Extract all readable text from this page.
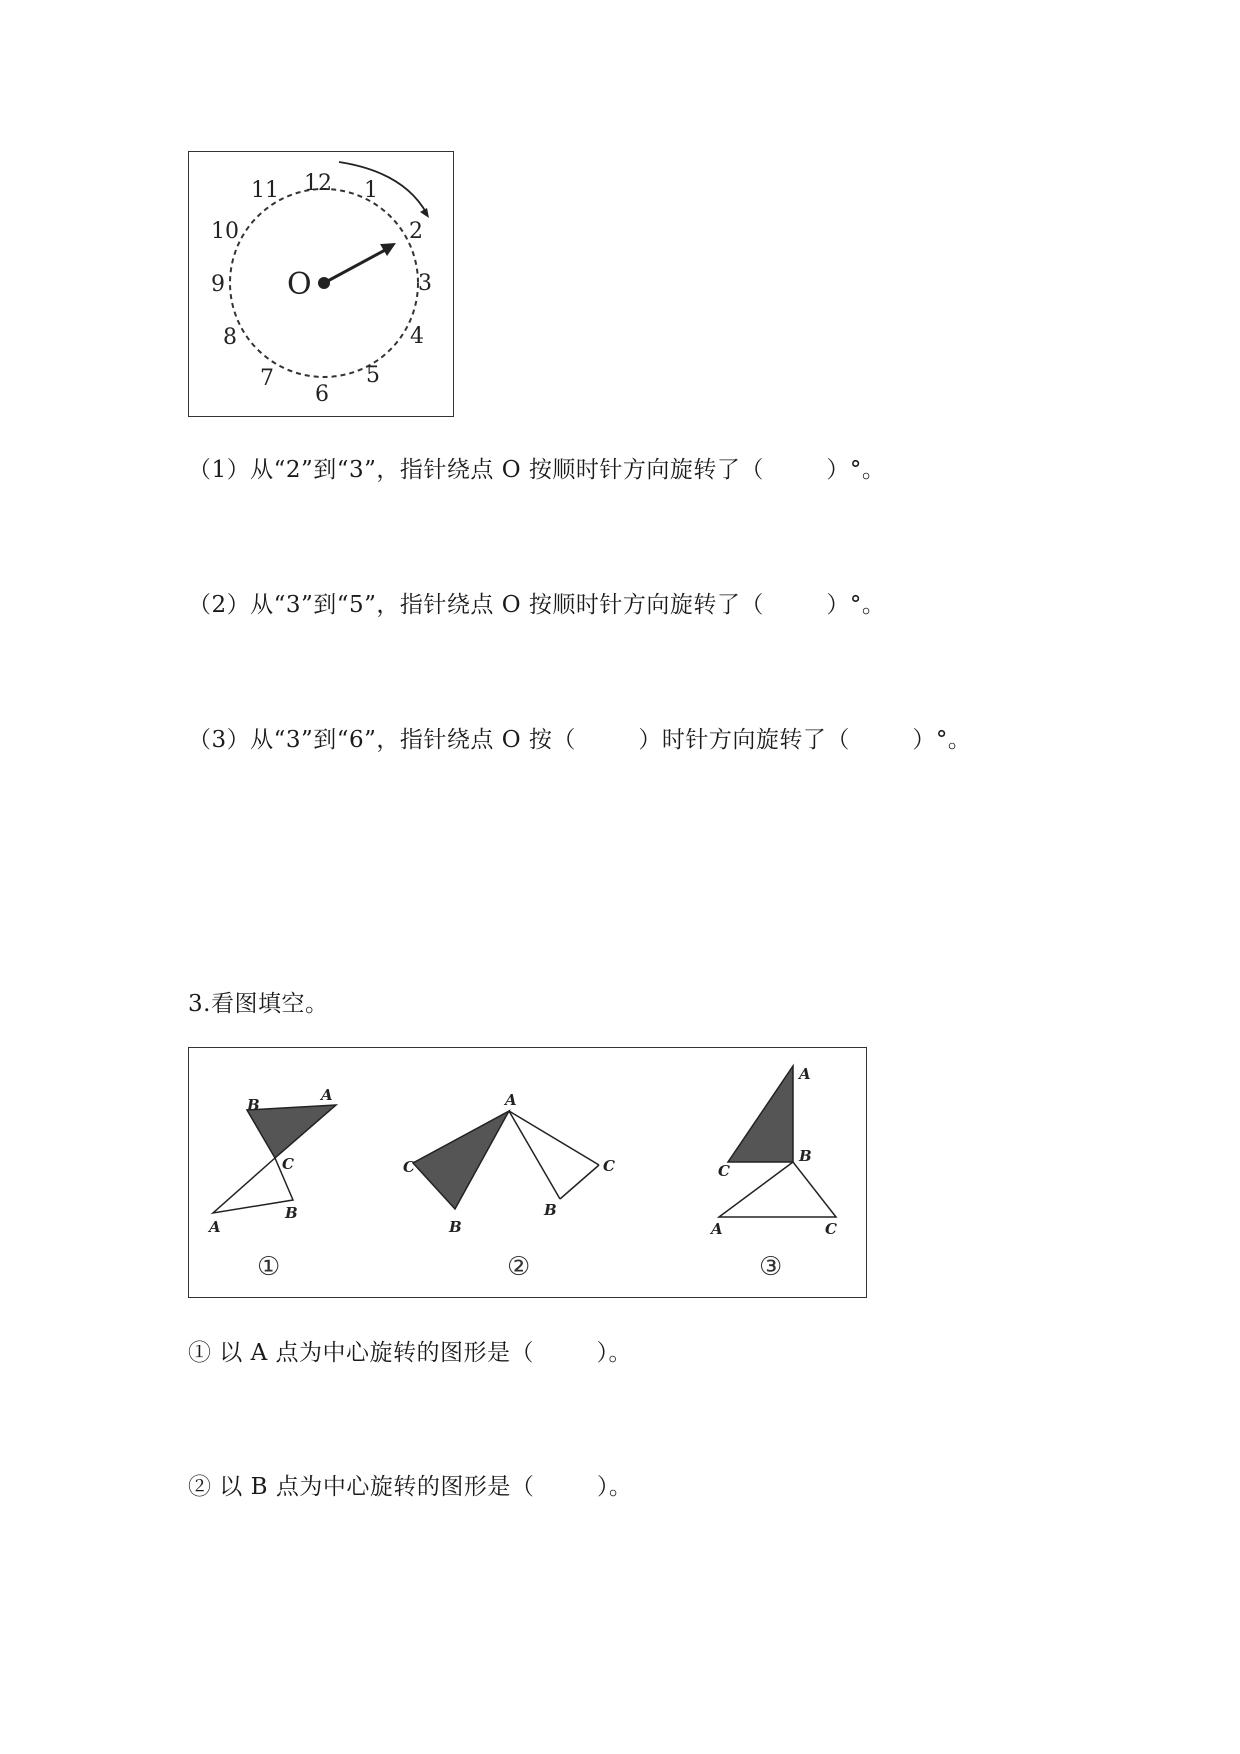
12 1
2
3
4
5
6
7
8
9
10
11
O
（1）从“2”到“3”，指针绕点 O 按顺时针方向旋转了（        ）°。
（2）从“3”到“5”，指针绕点 O 按顺时针方向旋转了（        ）°。
（3）从“3”到“6”，指针绕点 O 按（        ）时针方向旋转了（        ）°。
3.看图填空。
A
B
C
A
B
①
A
C
B
B
C
②
A
B
C
A	C
③
① 以 A 点为中心旋转的图形是（        ）。
② 以 B 点为中心旋转的图形是（        ）。
